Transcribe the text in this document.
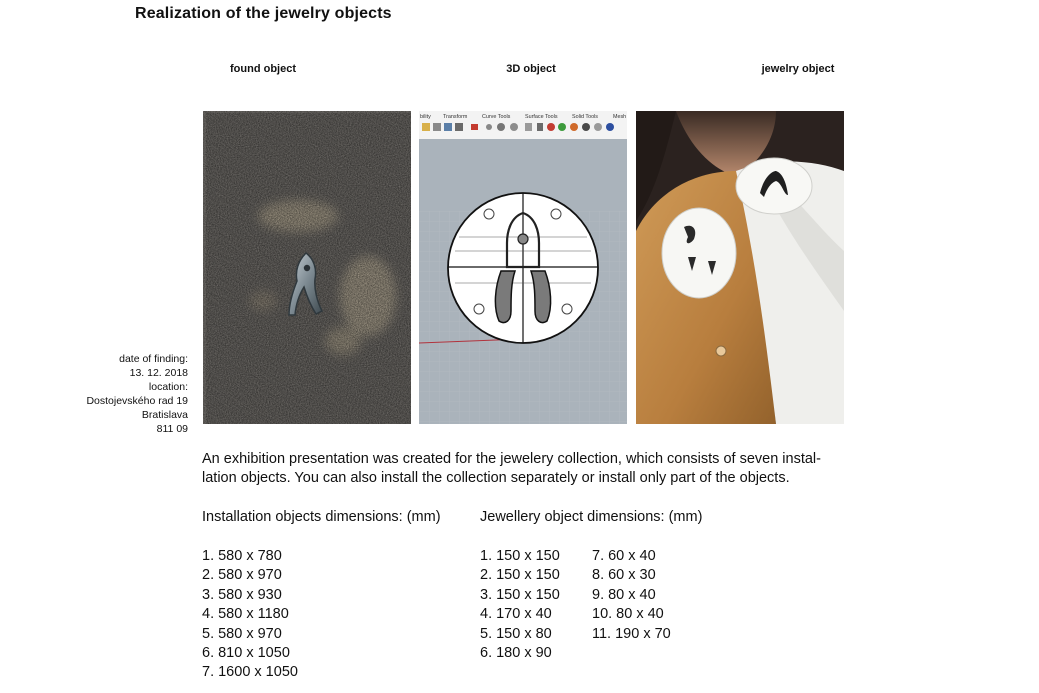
Realization of the jewelry objects
found object	3D object	jewelry object
bility Transform	Curve Tools	Surface Tools	Solid Tools	Mesh
date of finding:
13. 12. 2018
location:
Dostojevského rad 19
Bratislava
811 09
An exhibition presentation was created for the jewelery collection, which consists of seven instal-
lation objects. You can also install the collection separately or install only part of the objects.
Installation objects dimensions: (mm)	Jewellery object dimensions: (mm)
1. 580 x 780
2. 580 x 970
3. 580 x 930
4. 580 x 1180
5. 580 x 970
6. 810 x 1050
7. 1600 x 1050
1. 150 x 150
2. 150 x 150
3. 150 x 150
4. 170 x 40
5. 150 x 80
6. 180 x 90
7. 60 x 40
8. 60 x 30
9. 80 x 40
10. 80 x 40
11. 190 x 70
